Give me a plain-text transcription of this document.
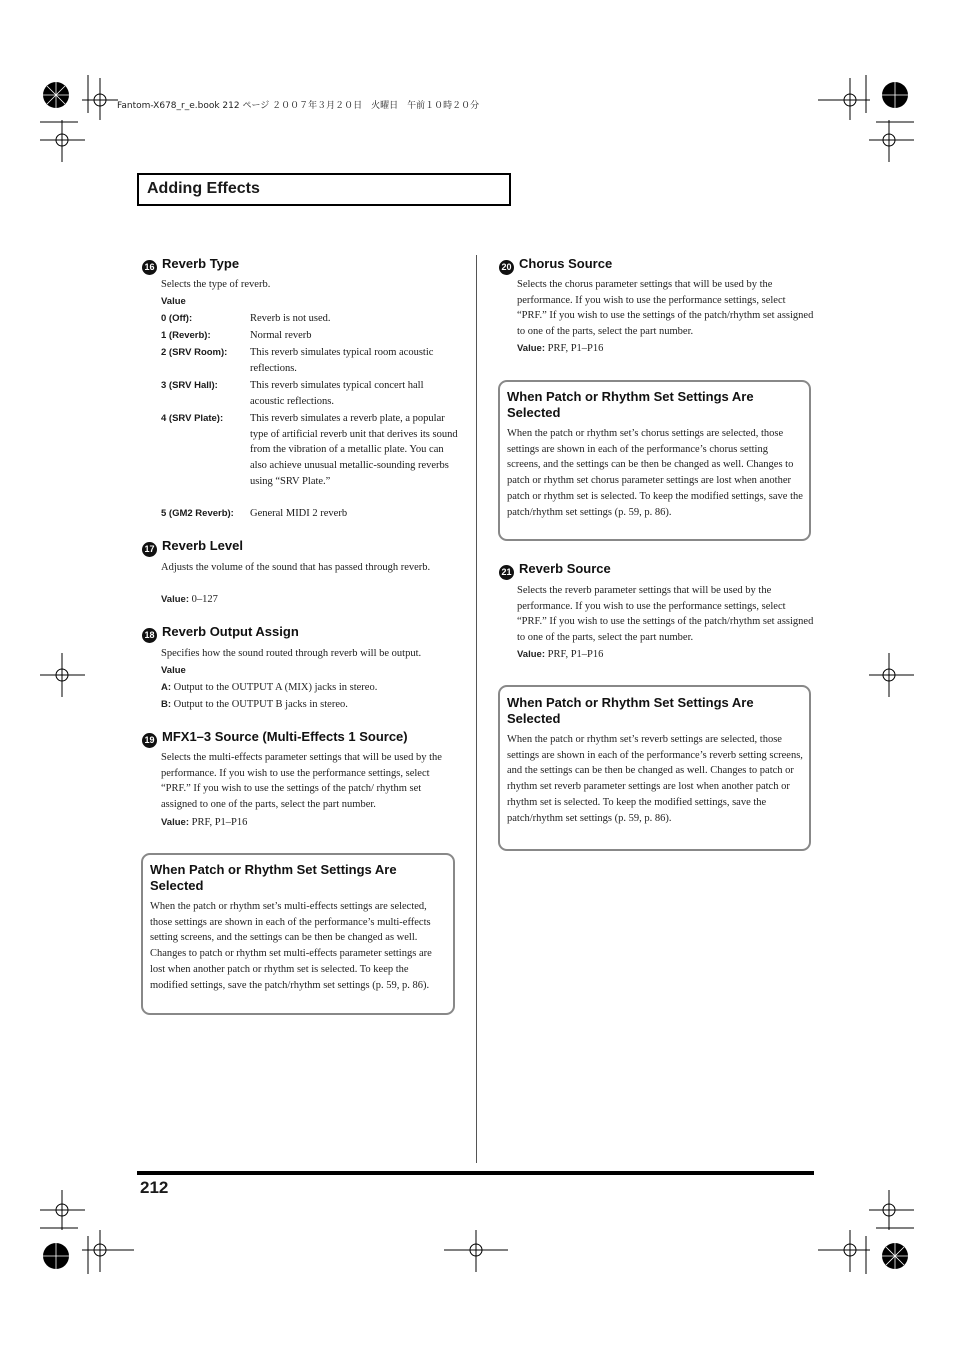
Fantom-X678_r_e.book 212 ページ ２００７年３月２０日　火曜日　午前１０時２０分
Adding Effects
16 Reverb Type
Selects the type of reverb.
Value
0 (Off):	Reverb is not used.
1 (Reverb):	Normal reverb
2 (SRV Room): This reverb simulates typical room acoustic reflections.
3 (SRV Hall):	This reverb simulates typical concert hall acoustic reflections.
4 (SRV Plate):	This reverb simulates a reverb plate, a popular type of artificial reverb unit that derives its sound from the vibration of a metallic plate. You can also achieve unusual metallic-sounding reverbs using “SRV Plate.”
5 (GM2 Reverb): General MIDI 2 reverb
17 Reverb Level
Adjusts the volume of the sound that has passed through reverb.
Value: 0–127
18 Reverb Output Assign
Specifies how the sound routed through reverb will be output.
Value
A: Output to the OUTPUT A (MIX) jacks in stereo.
B: Output to the OUTPUT B jacks in stereo.
19 MFX1–3 Source (Multi-Effects 1 Source)
Selects the multi-effects parameter settings that will be used by the performance. If you wish to use the performance settings, select “PRF.” If you wish to use the settings of the patch/ rhythm set assigned to one of the parts, select the part number.
Value: PRF, P1–P16
When Patch or Rhythm Set Settings Are Selected
When the patch or rhythm set’s multi-effects settings are selected, those settings are shown in each of the performance’s multi-effects setting screens, and the settings can be then be changed as well. Changes to patch or rhythm set multi-effects parameter settings are lost when another patch or rhythm set is selected. To keep the modified settings, save the patch/rhythm set settings (p. 59, p. 86).
20 Chorus Source
Selects the chorus parameter settings that will be used by the performance. If you wish to use the performance settings, select “PRF.” If you wish to use the settings of the patch/rhythm set assigned to one of the parts, select the part number.
Value: PRF, P1–P16
When Patch or Rhythm Set Settings Are Selected
When the patch or rhythm set’s chorus settings are selected, those settings are shown in each of the performance’s chorus setting screens, and the settings can be then be changed as well. Changes to patch or rhythm set chorus parameter settings are lost when another patch or rhythm set is selected. To keep the modified settings, save the patch/rhythm set settings (p. 59, p. 86).
21 Reverb Source
Selects the reverb parameter settings that will be used by the performance. If you wish to use the performance settings, select “PRF.” If you wish to use the settings of the patch/rhythm set assigned to one of the parts, select the part number.
Value: PRF, P1–P16
When Patch or Rhythm Set Settings Are Selected
When the patch or rhythm set’s reverb settings are selected, those settings are shown in each of the performance’s reverb setting screens, and the settings can be then be changed as well. Changes to patch or rhythm set reverb parameter settings are lost when another patch or rhythm set is selected. To keep the modified settings, save the patch/rhythm set settings (p. 59, p. 86).
212
